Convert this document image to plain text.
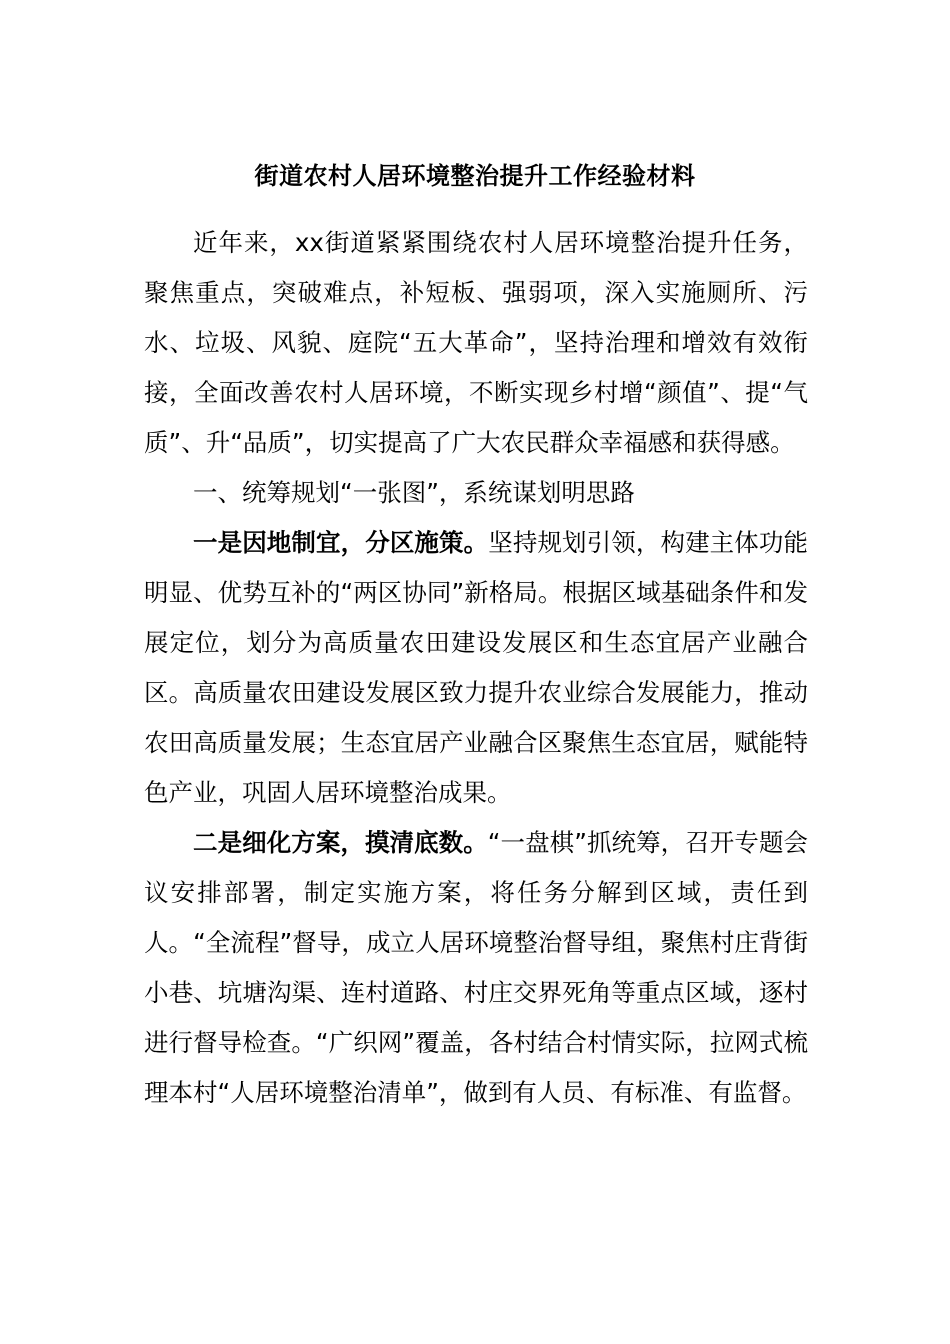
街道农村人居环境整治提升工作经验材料

近年来，xx街道紧紧围绕农村人居环境整治提升任务，聚焦重点，突破难点，补短板、强弱项，深入实施厕所、污水、垃圾、风貌、庭院“五大革命”，坚持治理和增效有效衔接，全面改善农村人居环境，不断实现乡村增“颜值”、提“气质”、升“品质”，切实提高了广大农民群众幸福感和获得感。

一、统筹规划“一张图”，系统谋划明思路

一是因地制宜，分区施策。坚持规划引领，构建主体功能明显、优势互补的“两区协同”新格局。根据区域基础条件和发展定位，划分为高质量农田建设发展区和生态宜居产业融合区。高质量农田建设发展区致力提升农业综合发展能力，推动农田高质量发展；生态宜居产业融合区聚焦生态宜居，赋能特色产业，巩固人居环境整治成果。

二是细化方案，摸清底数。“一盘棋”抓统筹，召开专题会议安排部署，制定实施方案，将任务分解到区域，责任到人。“全流程”督导，成立人居环境整治督导组，聚焦村庄背街小巷、坑塘沟渠、连村道路、村庄交界死角等重点区域，逐村进行督导检查。“广织网”覆盖，各村结合村情实际，拉网式梳理本村“人居环境整治清单”，做到有人员、有标准、有监督。
